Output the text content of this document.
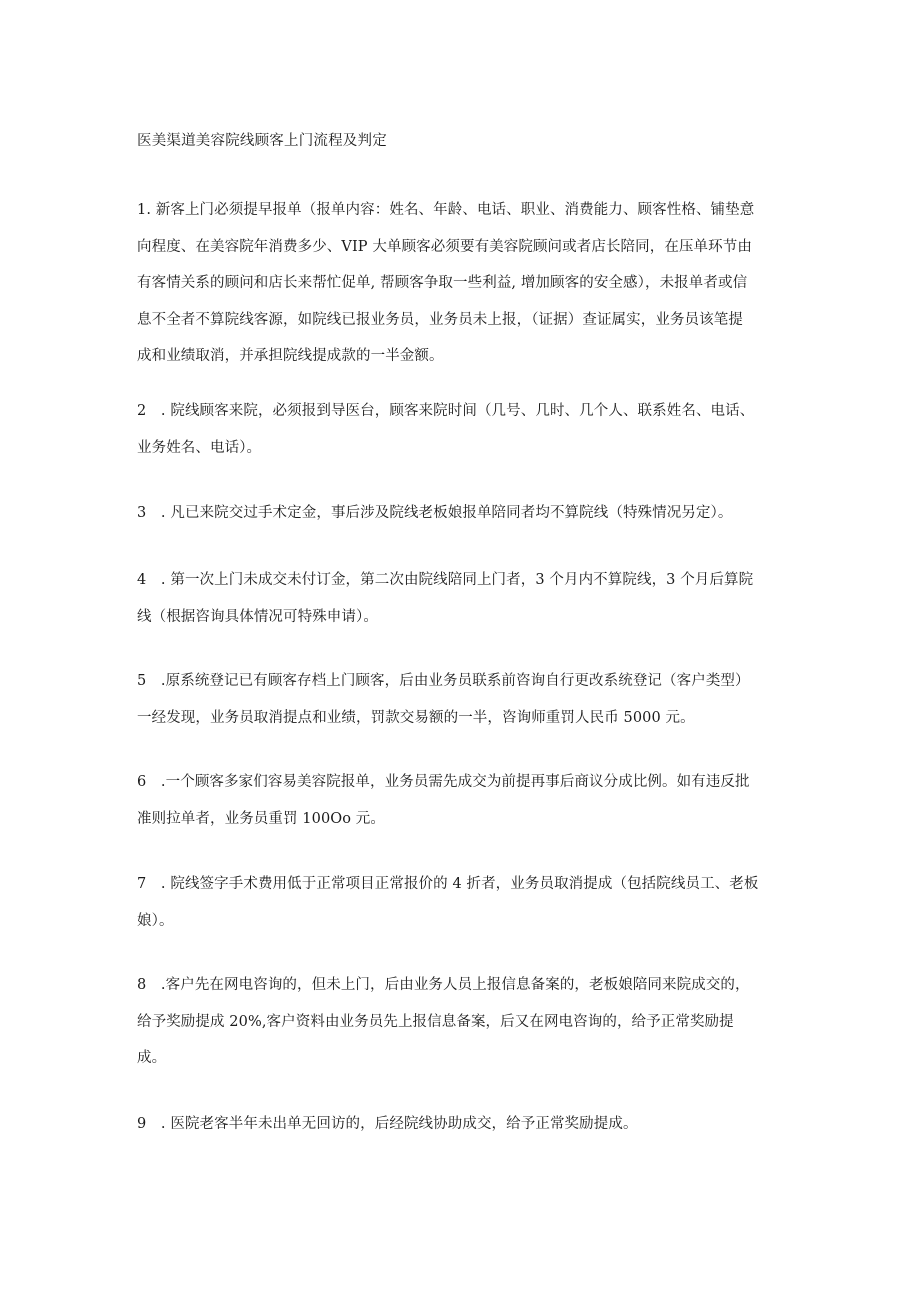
医美渠道美容院线顾客上门流程及判定
1. 新客上门必须提早报单（报单内容：姓名、年龄、电话、职业、消费能力、顾客性格、铺垫意
向程度、在美容院年消费多少、VIP 大单顾客必须要有美容院顾问或者店长陪同，在压单环节由
有客情关系的顾问和店长来帮忙促单, 帮顾客争取一些利益, 增加顾客的安全感），未报单者或信
息不全者不算院线客源，如院线已报业务员，业务员未上报，（证据）查证属实，业务员该笔提
成和业绩取消，并承担院线提成款的一半金额。
2　. 院线顾客来院，必须报到导医台，顾客来院时间（几号、几时、几个人、联系姓名、电话、
业务姓名、电话）。
3　. 凡已来院交过手术定金，事后涉及院线老板娘报单陪同者均不算院线（特殊情况另定）。
4　. 第一次上门未成交未付订金，第二次由院线陪同上门者，3 个月内不算院线，3 个月后算院
线（根据咨询具体情况可特殊申请）。
5　.原系统登记已有顾客存档上门顾客，后由业务员联系前咨询自行更改系统登记（客户类型）
一经发现，业务员取消提点和业绩，罚款交易额的一半，咨询师重罚人民币 5000 元。
6　.一个顾客多家们容易美容院报单，业务员需先成交为前提再事后商议分成比例。如有违反批
准则拉单者，业务员重罚 100Oo 元。
7　. 院线签字手术费用低于正常项目正常报价的 4 折者，业务员取消提成（包括院线员工、老板
娘）。
8　.客户先在网电咨询的，但未上门，后由业务人员上报信息备案的，老板娘陪同来院成交的，
给予奖励提成 20%,客户资料由业务员先上报信息备案，后又在网电咨询的，给予正常奖励提
成。
9　. 医院老客半年未出单无回访的，后经院线协助成交，给予正常奖励提成。
